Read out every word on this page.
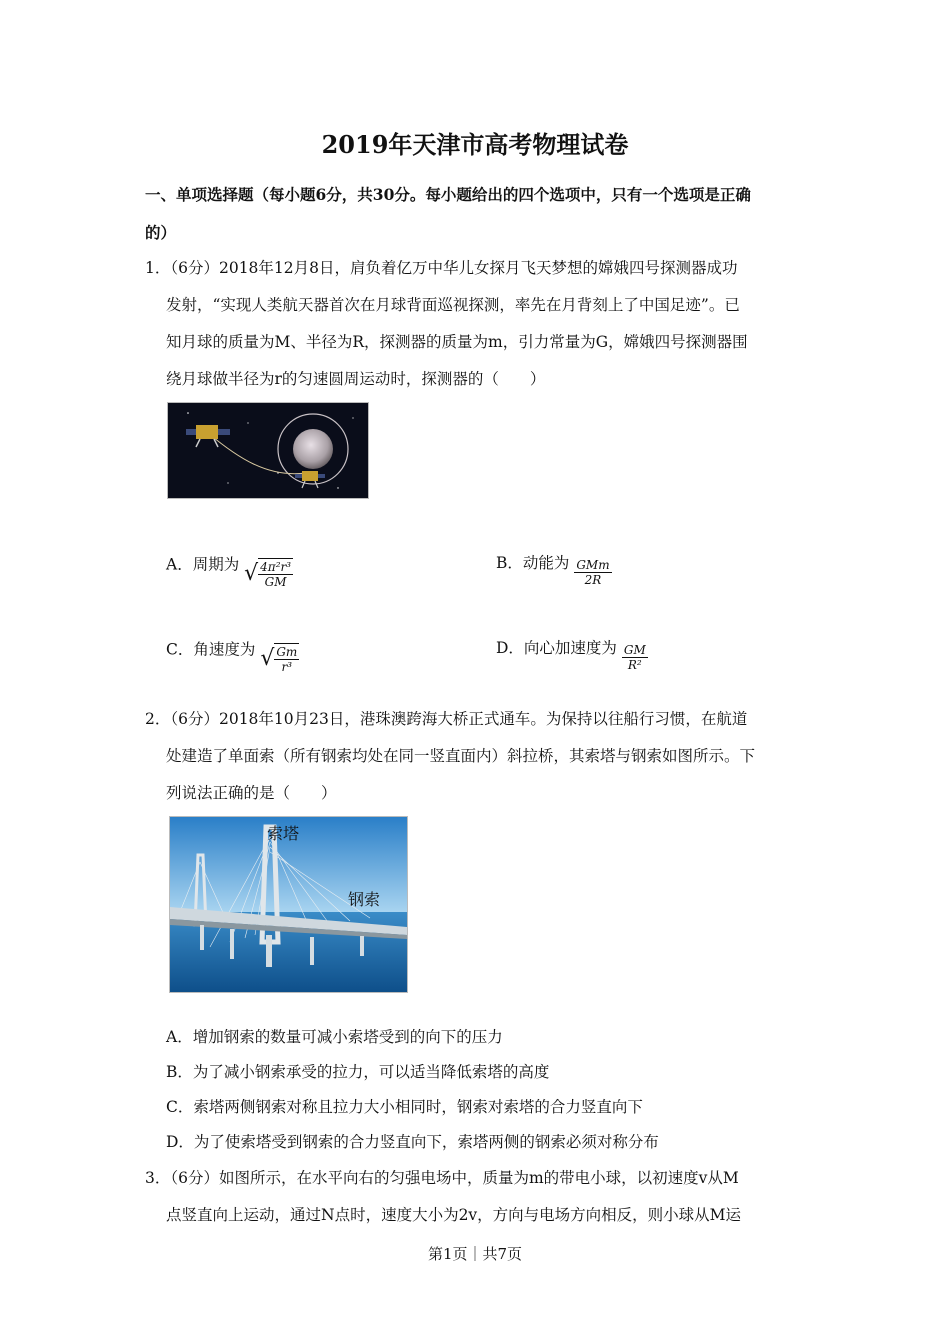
2019年天津市高考物理试卷
一、单项选择题（每小题6分，共30分。每小题给出的四个选项中，只有一个选项是正确
的）
1．（6分）2018年12月8日，肩负着亿万中华儿女探月飞天梦想的嫦娥四号探测器成功
发射，“实现人类航天器首次在月球背面巡视探测，率先在月背刻上了中国足迹”。已
知月球的质量为M、半径为R，探测器的质量为m，引力常量为G，嫦娥四号探测器围
绕月球做半径为r的匀速圆周运动时，探测器的（　　）
A．周期为 √ $\frac{\text{4π²r³}}{GM}$	B．动能为 $_{\frac{\text{GMm}}{2R}}$
C．角速度为 √ $\frac{Gm}{\text{r³}}$	D．向心加速度为 $_{\frac{GM}{\text{R²}}}$
2．（6分）2018年10月23日，港珠澳跨海大桥正式通车。为保持以往船行习惯，在航道
处建造了单面索（所有钢索均处在同一竖直面内）斜拉桥，其索塔与钢索如图所示。下
列说法正确的是（　　）
索塔
钢索
A．增加钢索的数量可减小索塔受到的向下的压力
B．为了减小钢索承受的拉力，可以适当降低索塔的高度
C．索塔两侧钢索对称且拉力大小相同时，钢索对索塔的合力竖直向下
D．为了使索塔受到钢索的合力竖直向下，索塔两侧的钢索必须对称分布
3．（6分）如图所示，在水平向右的匀强电场中，质量为m的带电小球，以初速度v从M
点竖直向上运动，通过N点时，速度大小为2v，方向与电场方向相反，则小球从M运
第1页｜共7页
